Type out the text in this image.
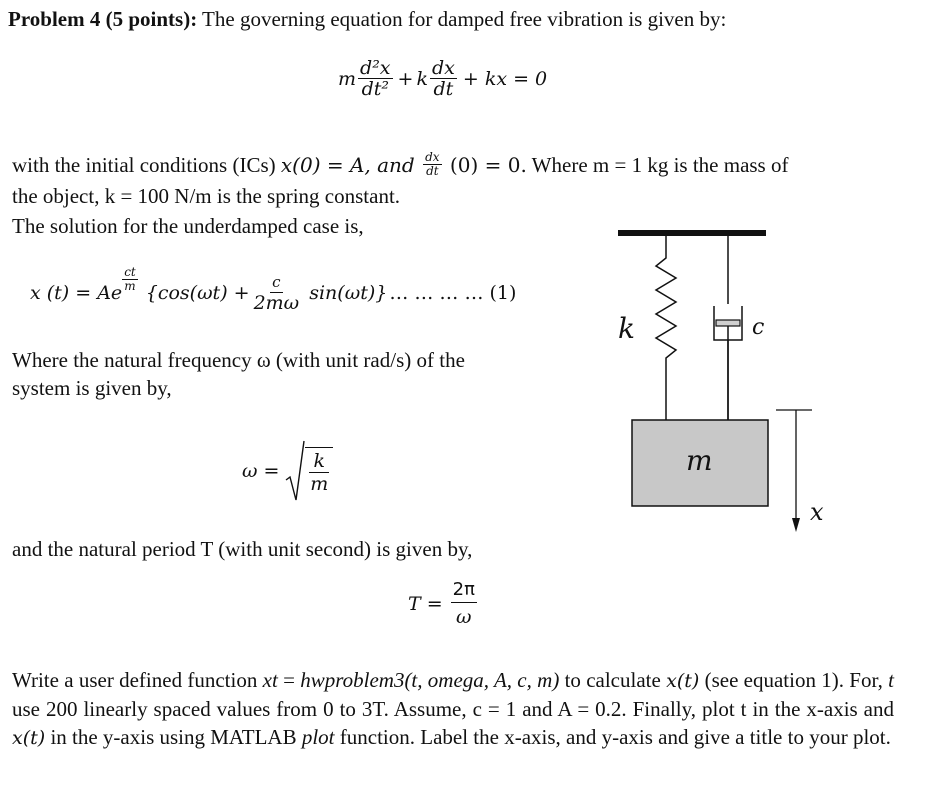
Problem 4 (5 points): The governing equation for damped free vibration is given by:
m $\frac{\text{d²x}}{\text{dt²}} + k \frac{dx}{dt}$ + kx = 0
with the initial conditions (ICs) x(0) = A, and $\frac{dx}{dt} (0) = 0$. Where m = 1 kg is the mass of
the object, k = 100 N/m is the spring constant.
The solution for the underdamped case is,
x (t) = Ae $\frac{ct}{m} \{\cos(\omega t) + \frac{c}{2m\omega} \sin(\omega t)\}$ … … … … (1)
Where the natural frequency ω (with unit rad/s) of the
system is given by,
ω = k
m
and the natural period T (with unit second) is given by,
$T = \frac{2\pi}{\omega}$
k	c
m
x
Write a user defined function xt = hwproblem3(t, omega, A, c, m) to calculate x(t) (see equation 1). For, t use 200 linearly spaced values from 0 to 3T. Assume, c = 1 and A = 0.2. Finally, plot t in the x-axis and x(t) in the y-axis using MATLAB plot function. Label the x-axis, and y-axis and give a title to your plot.
